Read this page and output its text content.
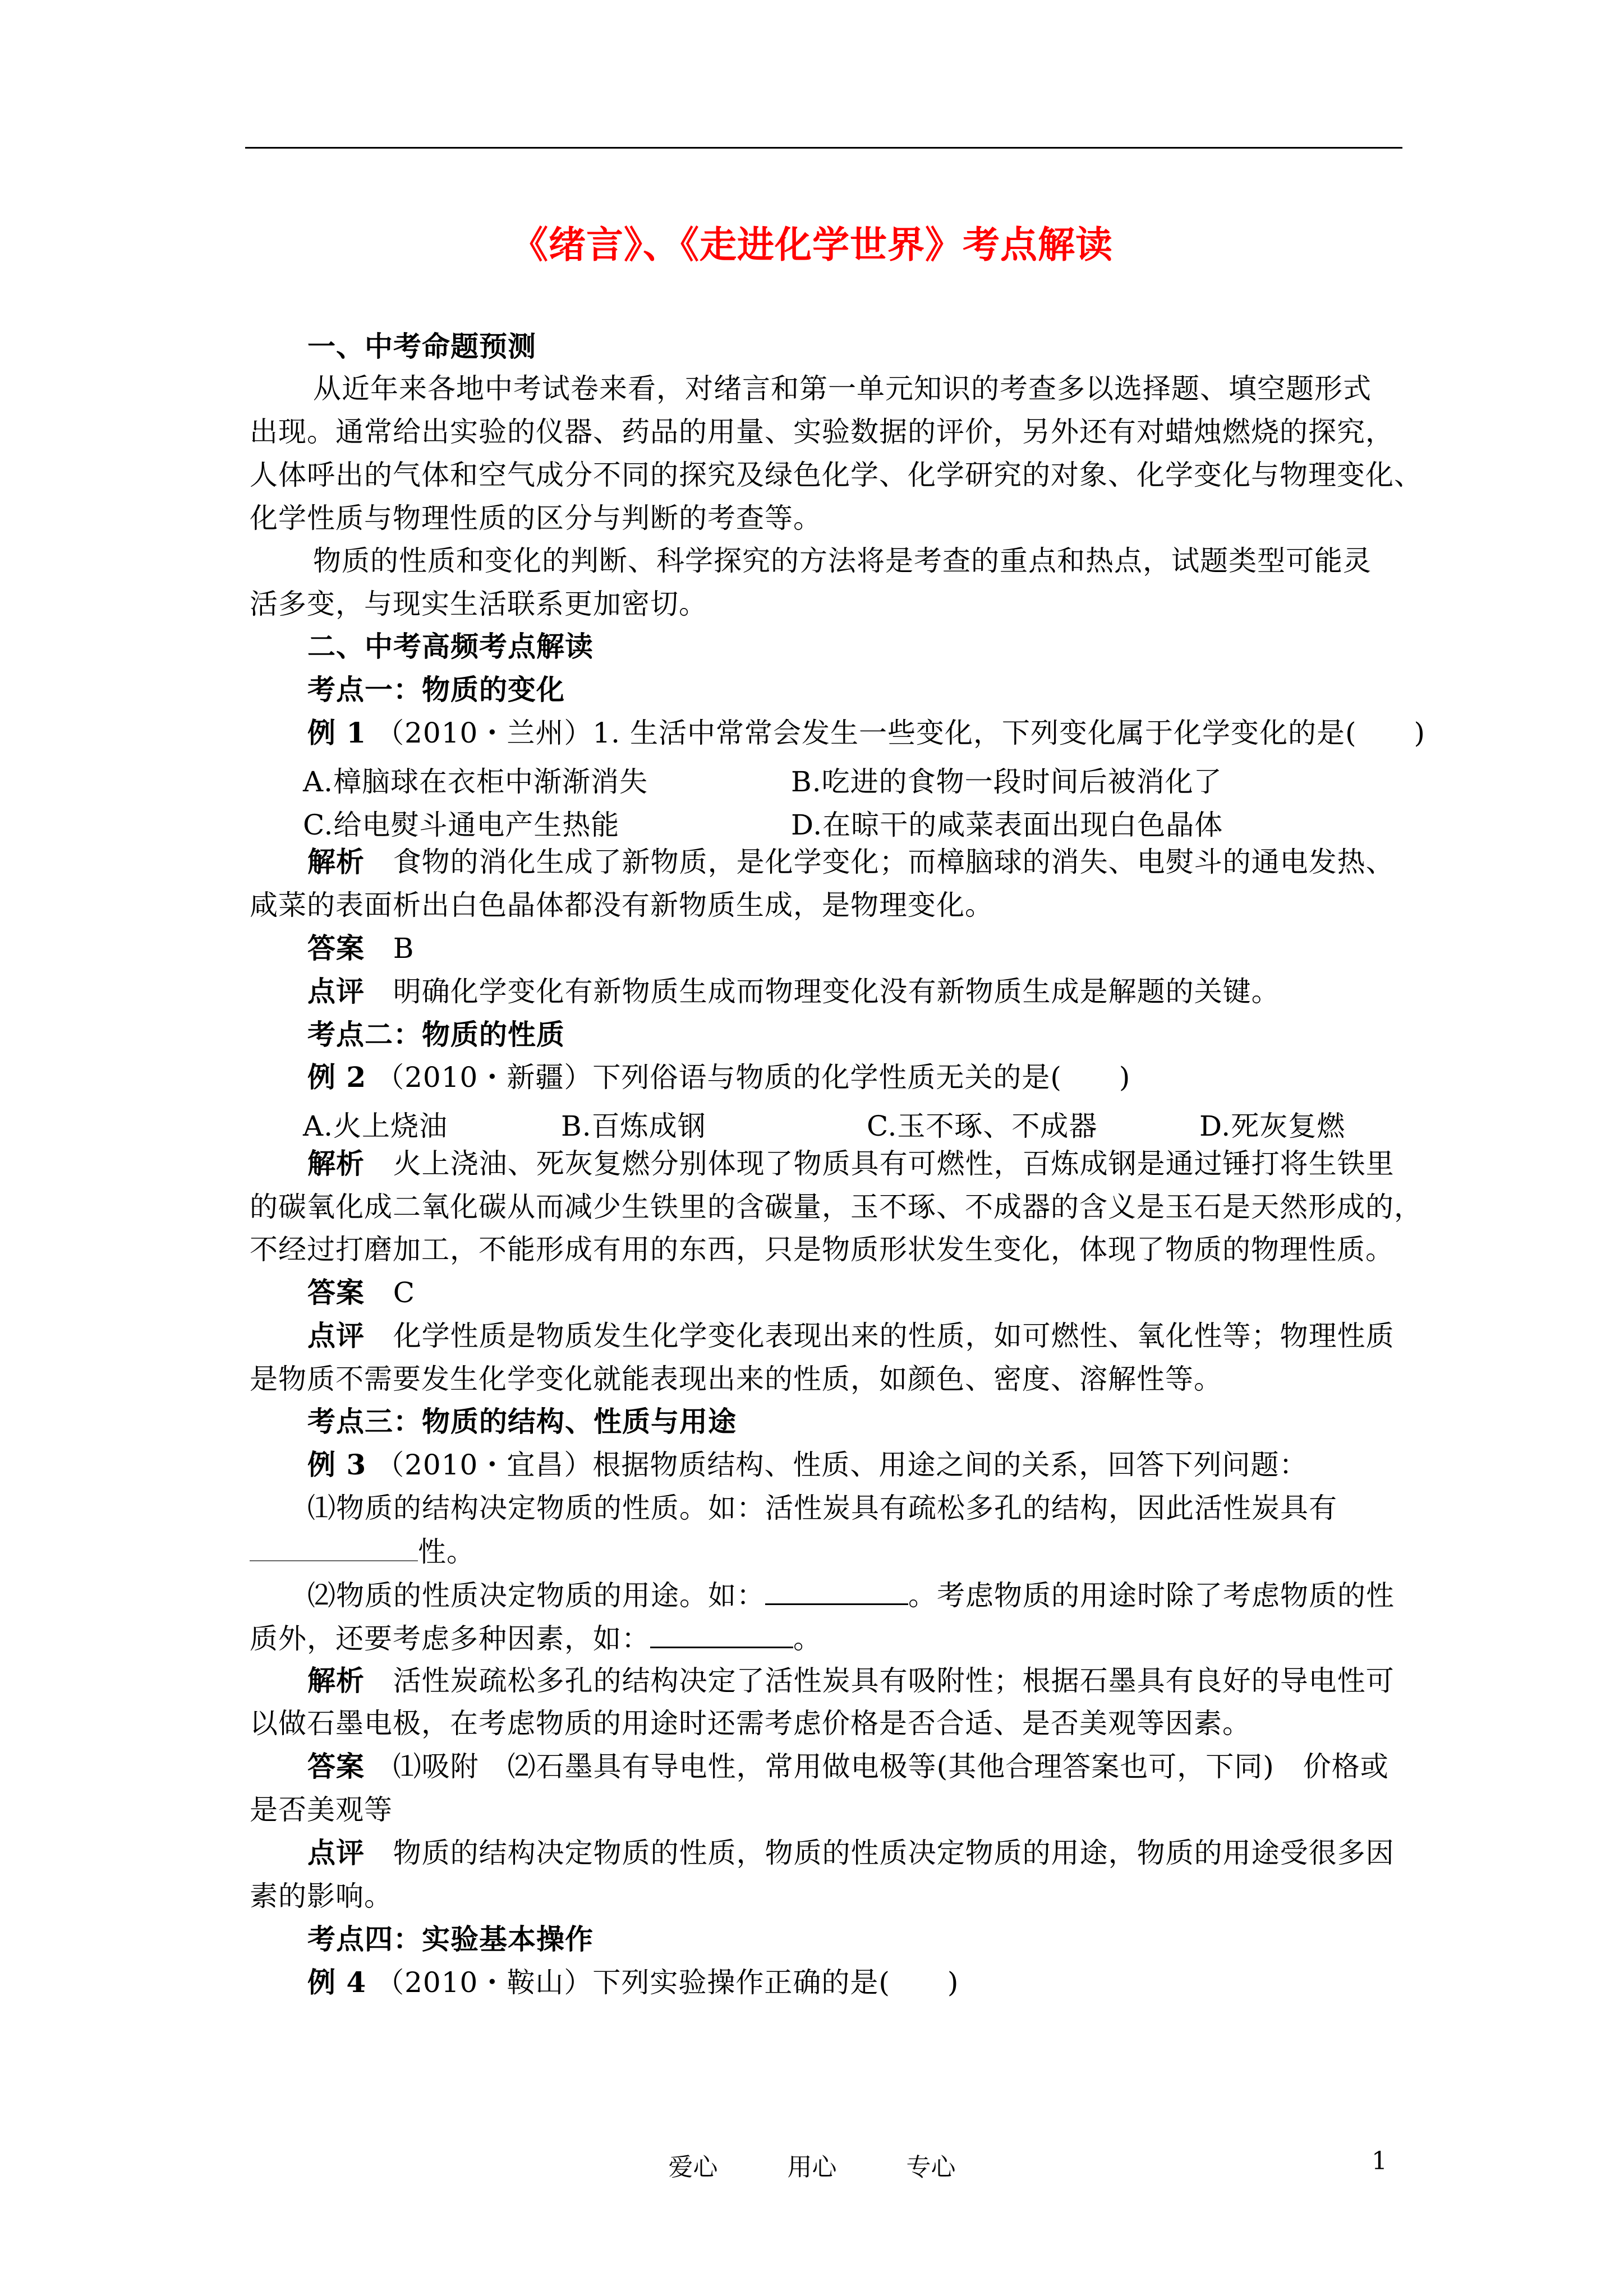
《绪言》、《走进化学世界》考点解读
一、中考命题预测
从近年来各地中考试卷来看，对绪言和第一单元知识的考查多以选择题、填空题形式
出现。通常给出实验的仪器、药品的用量、实验数据的评价，另外还有对蜡烛燃烧的探究，
人体呼出的气体和空气成分不同的探究及绿色化学、化学研究的对象、化学变化与物理变化、
化学性质与物理性质的区分与判断的考查等。
物质的性质和变化的判断、科学探究的方法将是考查的重点和热点，试题类型可能灵
活多变，与现实生活联系更加密切。
二、中考高频考点解读
考点一：物质的变化
例 1 （2010・兰州）1. 生活中常常会发生一些变化，下列变化属于化学变化的是(　　)
A.樟脑球在衣柜中渐渐消失	B.吃进的食物一段时间后被消化了
C.给电熨斗通电产生热能	D.在晾干的咸菜表面出现白色晶体
解析 食物的消化生成了新物质，是化学变化；而樟脑球的消失、电熨斗的通电发热、
咸菜的表面析出白色晶体都没有新物质生成，是物理变化。
答案 B
点评 明确化学变化有新物质生成而物理变化没有新物质生成是解题的关键。
考点二：物质的性质
例 2 （2010・新疆）下列俗语与物质的化学性质无关的是(　　)
A.火上烧油	B.百炼成钢	C.玉不琢、不成器	D.死灰复燃
解析 火上浇油、死灰复燃分别体现了物质具有可燃性，百炼成钢是通过锤打将生铁里
的碳氧化成二氧化碳从而减少生铁里的含碳量，玉不琢、不成器的含义是玉石是天然形成的，
不经过打磨加工，不能形成有用的东西，只是物质形状发生变化，体现了物质的物理性质。
答案 C
点评 化学性质是物质发生化学变化表现出来的性质，如可燃性、氧化性等；物理性质
是物质不需要发生化学变化就能表现出来的性质，如颜色、密度、溶解性等。
考点三：物质的结构、性质与用途
例 3 （2010・宜昌）根据物质结构、性质、用途之间的关系，回答下列问题：
⑴物质的结构决定物质的性质。如：活性炭具有疏松多孔的结构，因此活性炭具有
性。
⑵物质的性质决定物质的用途。如：	。考虑物质的用途时除了考虑物质的性
质外，还要考虑多种因素，如：	。
解析 活性炭疏松多孔的结构决定了活性炭具有吸附性；根据石墨具有良好的导电性可
以做石墨电极，在考虑物质的用途时还需考虑价格是否合适、是否美观等因素。
答案 ⑴吸附　⑵石墨具有导电性，常用做电极等(其他合理答案也可，下同)　价格或
是否美观等
点评 物质的结构决定物质的性质，物质的性质决定物质的用途，物质的用途受很多因
素的影响。
考点四：实验基本操作
例 4 （2010・鞍山）下列实验操作正确的是(　　)
爱心	用心	专心	1
